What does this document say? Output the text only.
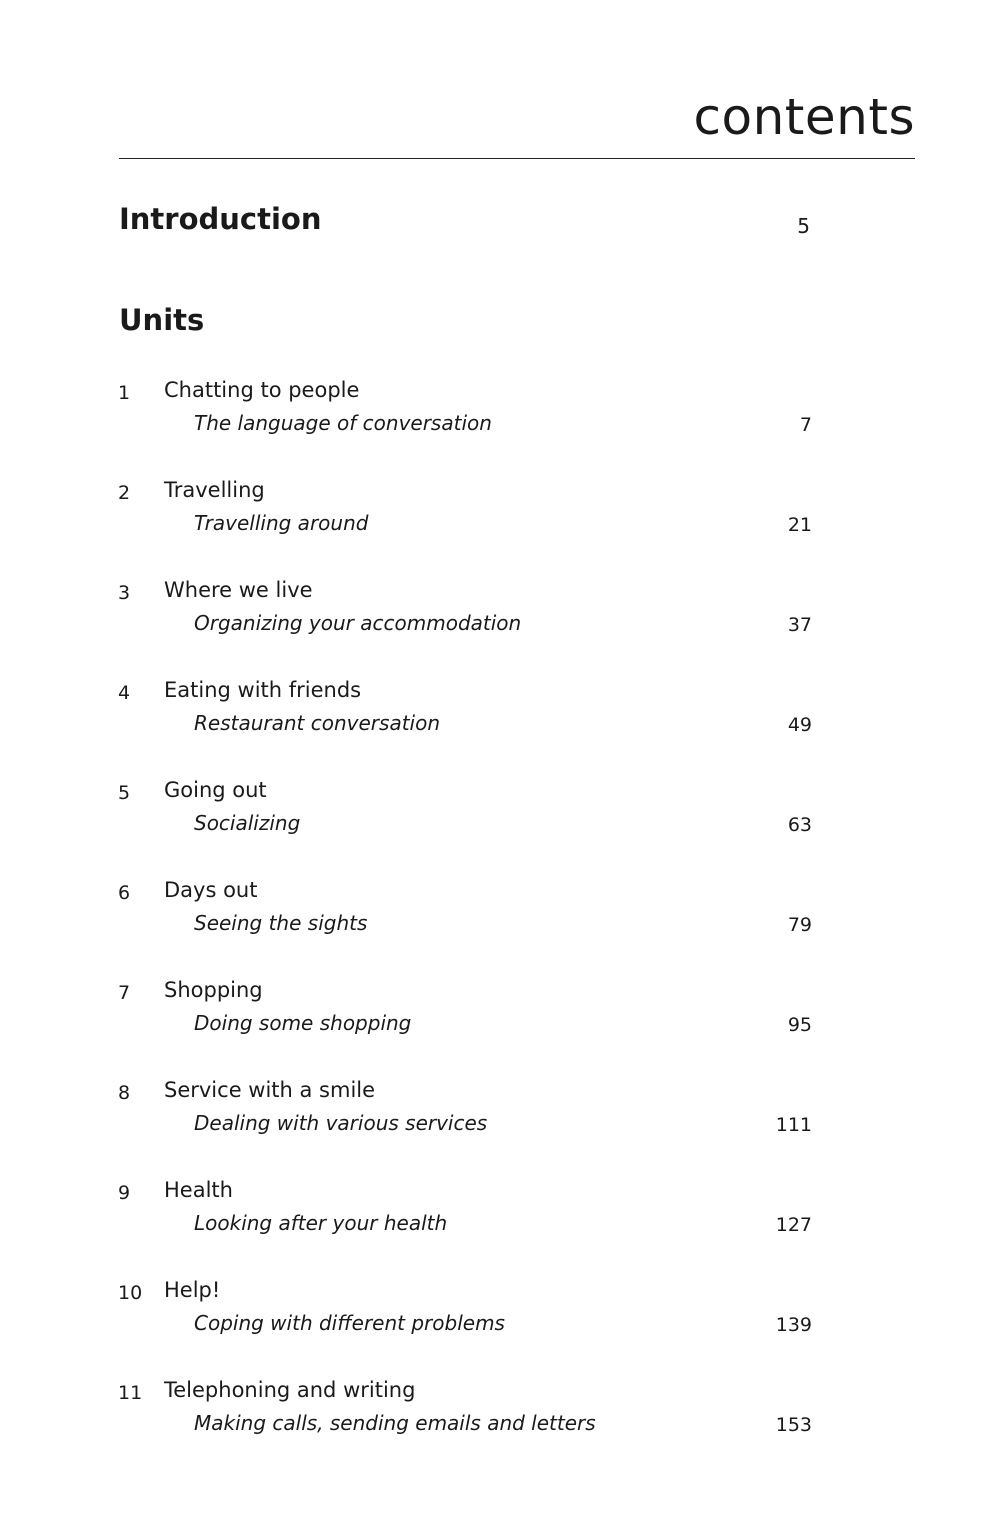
contents
Introduction	5
Units
1 Chatting to people
The language of conversation	7
2 Travelling
Travelling around	21
3 Where we live
Organizing your accommodation	37
4 Eating with friends
Restaurant conversation	49
5 Going out
Socializing	63
6 Days out
Seeing the sights	79
7 Shopping
Doing some shopping	95
8 Service with a smile
Dealing with various services	111
9 Health
Looking after your health	127
10 Help!
Coping with different problems	139
11 Telephoning and writing
Making calls, sending emails and letters	153
